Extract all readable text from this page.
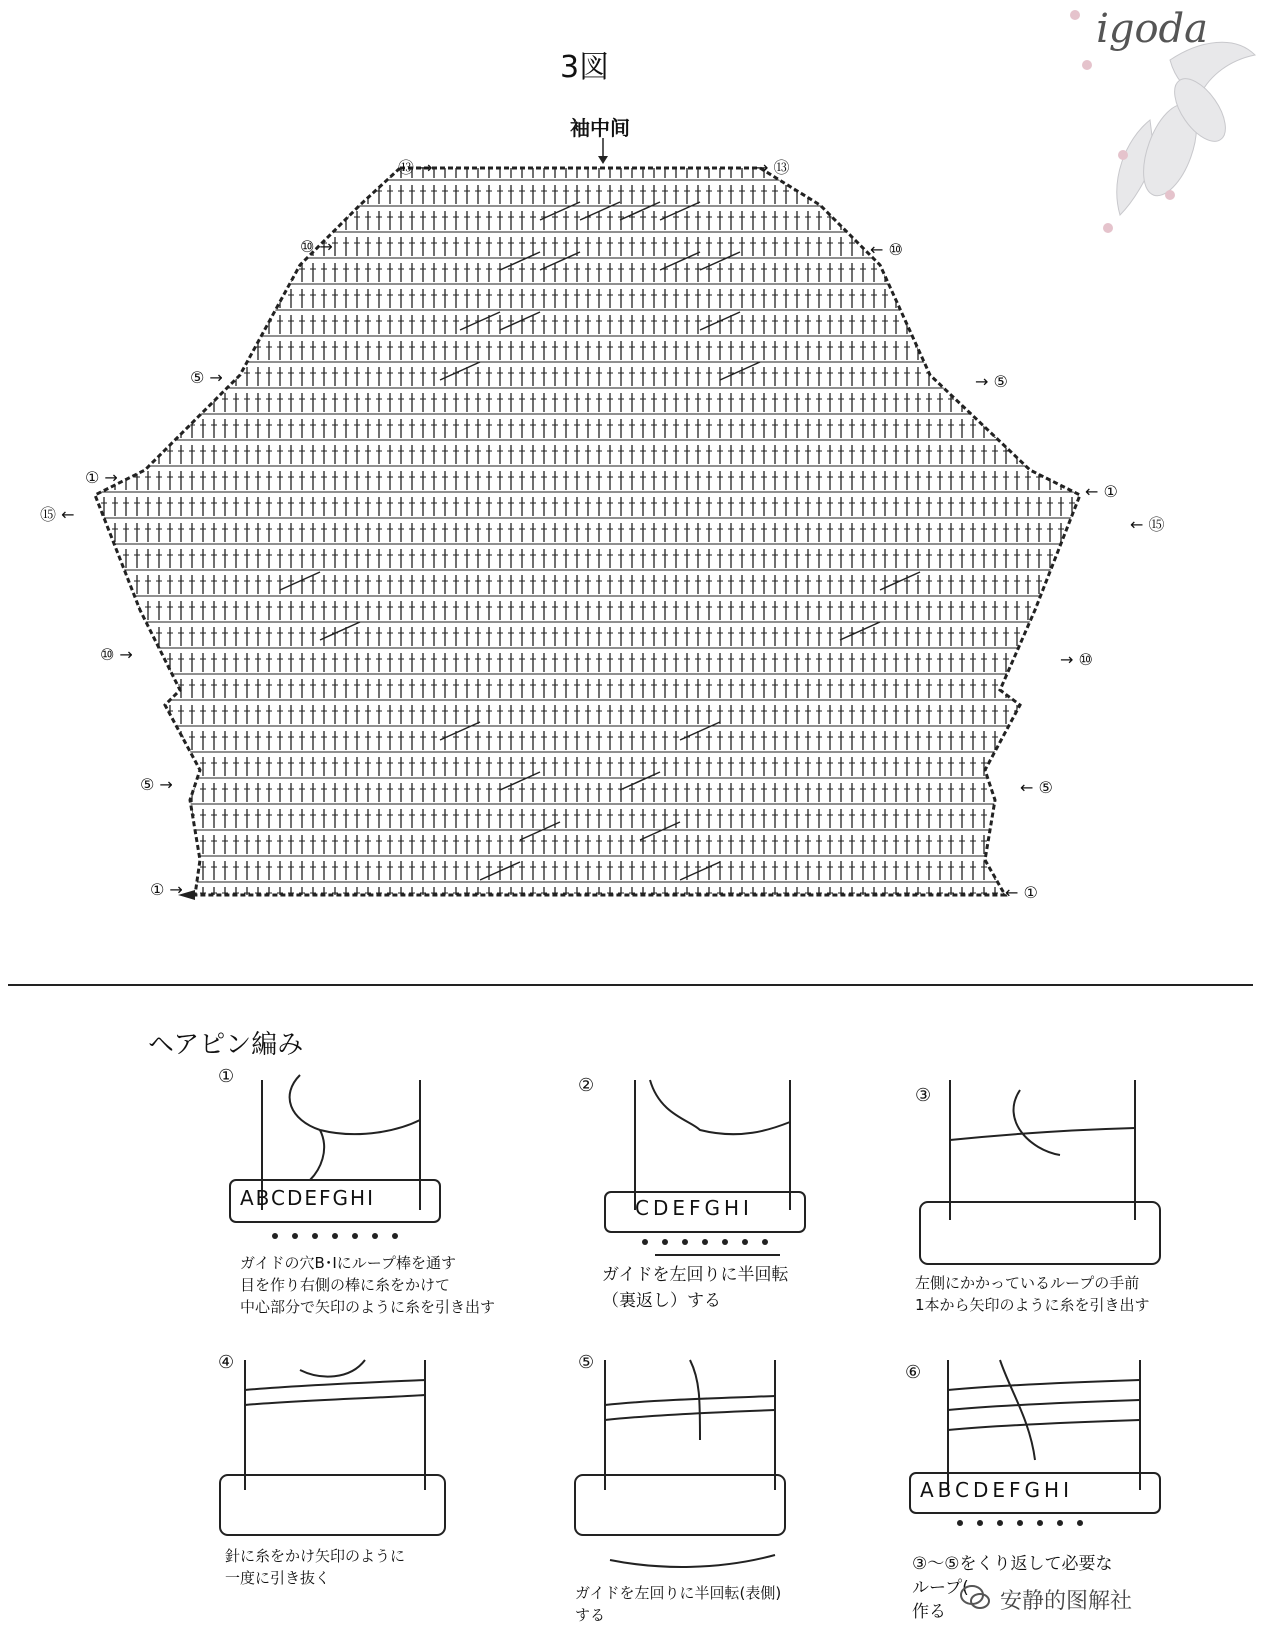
igoda
3図
袖中间
⑬ →	→ ⑬
⑩ →	← ⑩
⑤ →	→ ⑤
① →
← ①
⑮ ←
← ⑮
⑩ →	→ ⑩
⑤ →	← ⑤
① →	← ①
ヘアピン編み
①	②	③
④	⑤	⑥
ABCDEFGHI	CDEFGHI
ABCDEFGHI
ガイドの穴B･Iにループ棒を通す
目を作り右側の棒に糸をかけて
中心部分で矢印のように糸を引き出す
ガイドを左回りに半回転
（裏返し）する
左側にかかっているループの手前
1本から矢印のように糸を引き出す
針に糸をかけ矢印のように
一度に引き抜く
ガイドを左回りに半回転(表側)
する
③～⑤をくり返して必要な
ループ(
作る	安静的图解社
